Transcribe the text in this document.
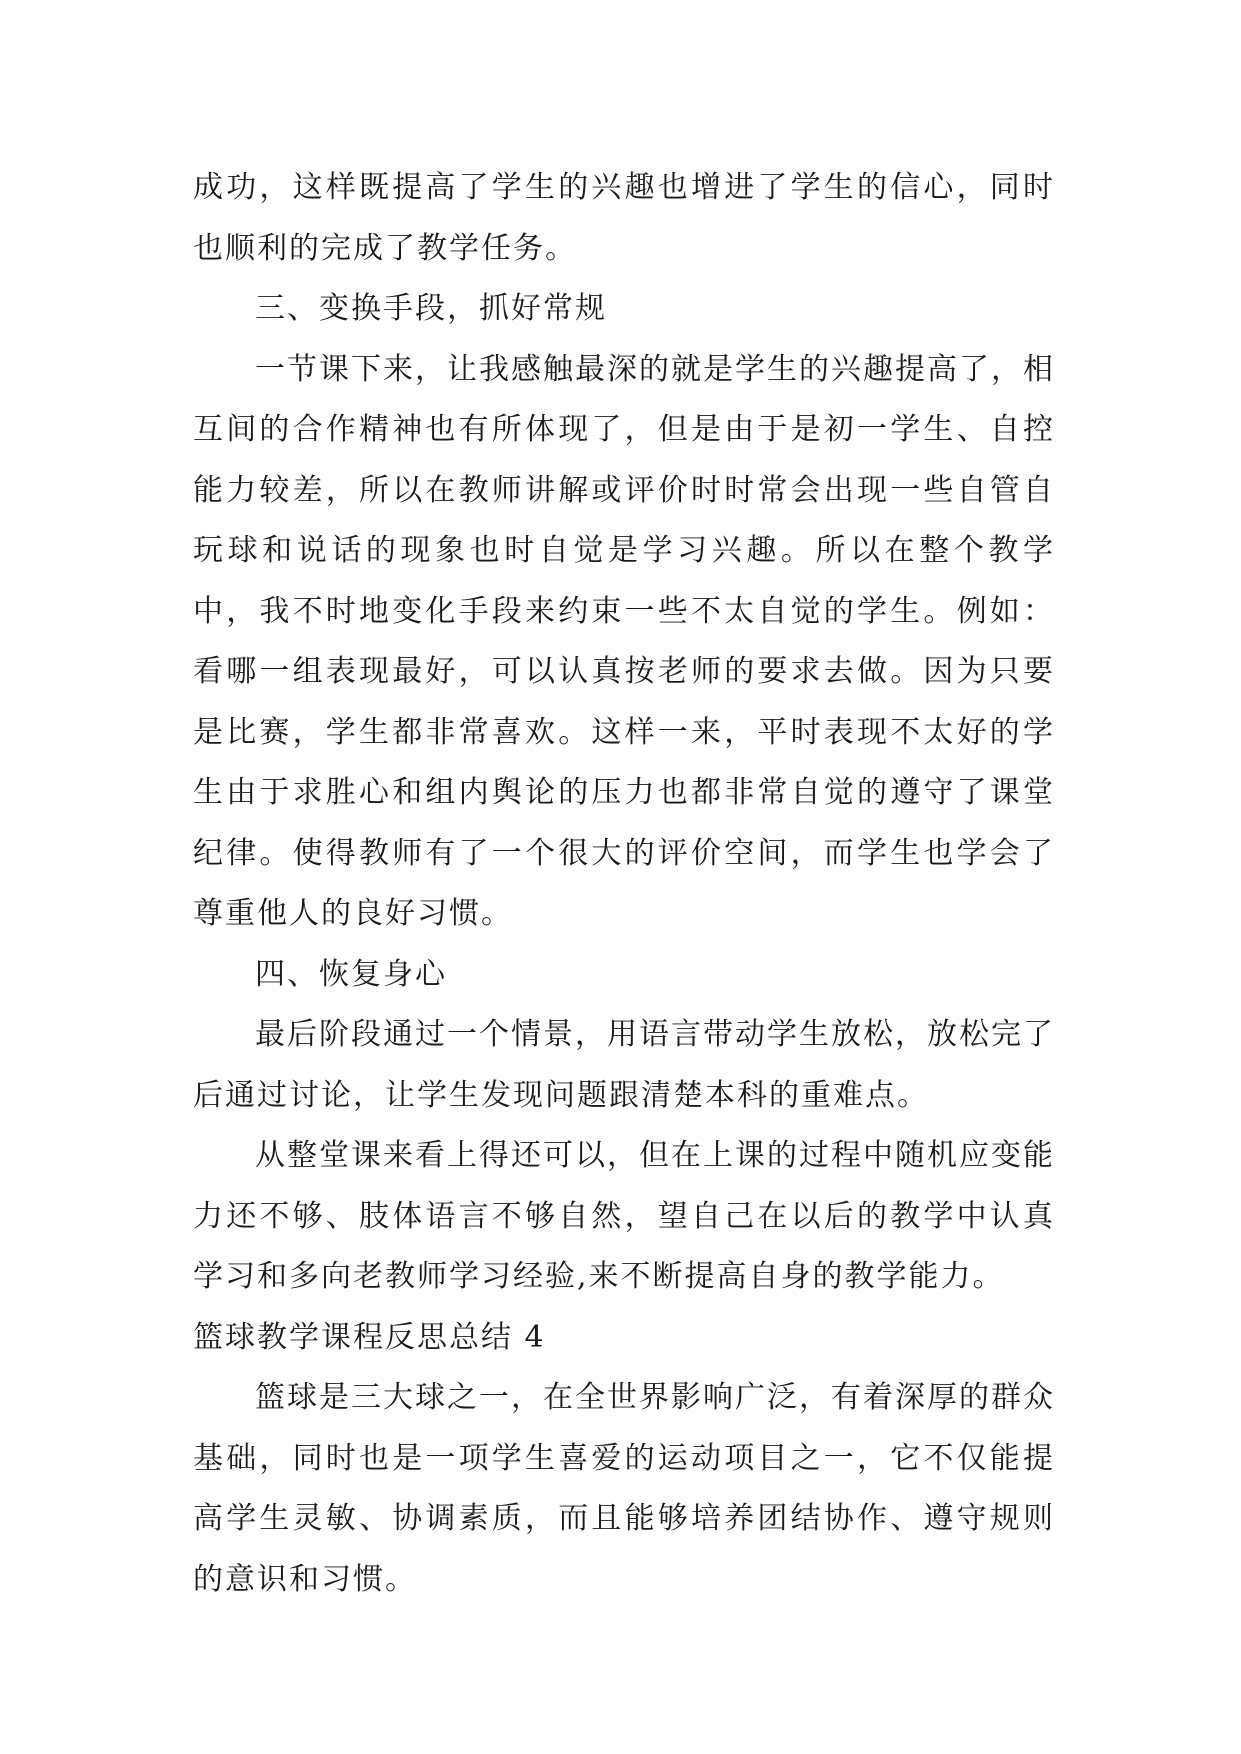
成功，这样既提高了学生的兴趣也增进了学生的信心，同时也顺利的完成了教学任务。

三、变换手段，抓好常规

一节课下来，让我感触最深的就是学生的兴趣提高了，相互间的合作精神也有所体现了，但是由于是初一学生、自控能力较差，所以在教师讲解或评价时时常会出现一些自管自玩球和说话的现象也时自觉是学习兴趣。所以在整个教学中，我不时地变化手段来约束一些不太自觉的学生。例如：看哪一组表现最好，可以认真按老师的要求去做。因为只要是比赛，学生都非常喜欢。这样一来，平时表现不太好的学生由于求胜心和组内舆论的压力也都非常自觉的遵守了课堂纪律。使得教师有了一个很大的评价空间，而学生也学会了尊重他人的良好习惯。

四、恢复身心

最后阶段通过一个情景，用语言带动学生放松，放松完了后通过讨论，让学生发现问题跟清楚本科的重难点。

从整堂课来看上得还可以，但在上课的过程中随机应变能力还不够、肢体语言不够自然，望自己在以后的教学中认真学习和多向老教师学习经验,来不断提高自身的教学能力。

篮球教学课程反思总结 4

篮球是三大球之一，在全世界影响广泛，有着深厚的群众基础，同时也是一项学生喜爱的运动项目之一，它不仅能提高学生灵敏、协调素质，而且能够培养团结协作、遵守规则的意识和习惯。
